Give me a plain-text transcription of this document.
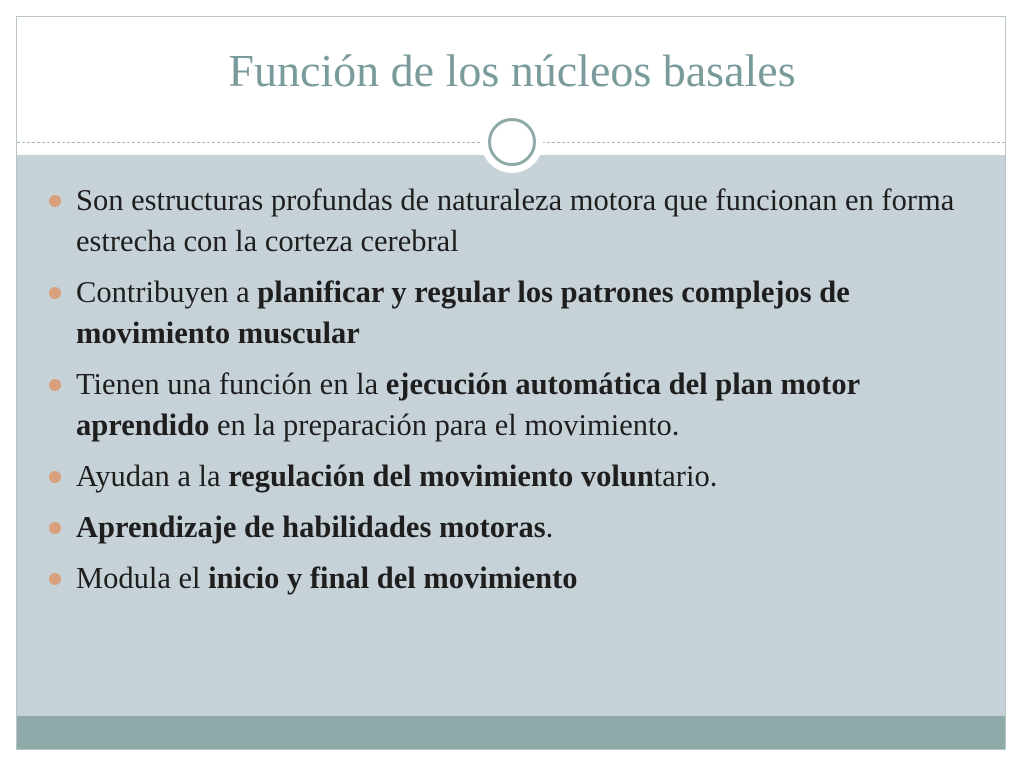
Función de los núcleos basales
Son estructuras profundas de naturaleza motora que funcionan en forma estrecha con la corteza cerebral
Contribuyen a planificar y regular los patrones complejos de movimiento muscular
Tienen una función en la ejecución automática del plan motor aprendido en la preparación para el movimiento.
Ayudan a la regulación del movimiento voluntario.
Aprendizaje de habilidades motoras.
Modula el inicio y final del movimiento
